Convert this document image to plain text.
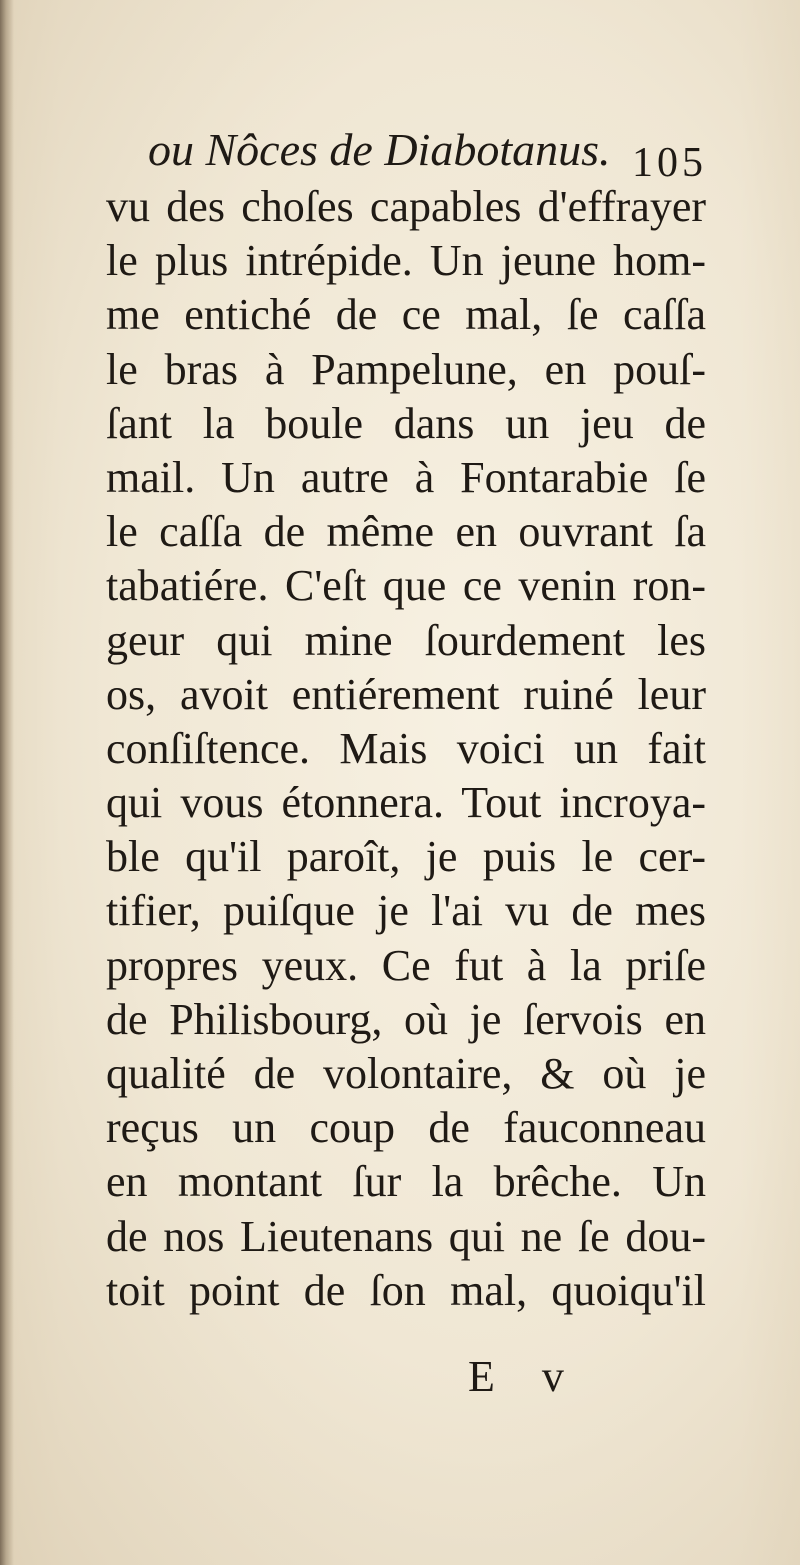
ou Nôces de Diabotanus. 105
vu des choſes capables d'effrayer
le plus intrépide. Un jeune hom-
me entiché de ce mal, ſe caſſa
le bras à Pampelune, en pouſ-
ſant la boule dans un jeu de
mail. Un autre à Fontarabie ſe
le caſſa de même en ouvrant ſa
tabatiére. C'eſt que ce venin ron-
geur qui mine ſourdement les
os, avoit entiérement ruiné leur
conſiſtence. Mais voici un fait
qui vous étonnera. Tout incroya-
ble qu'il paroît, je puis le cer-
tifier, puiſque je l'ai vu de mes
propres yeux. Ce fut à la priſe
de Philisbourg, où je ſervois en
qualité de volontaire, & où je
reçus un coup de fauconneau
en montant ſur la brêche. Un
de nos Lieutenans qui ne ſe dou-
toit point de ſon mal, quoiqu'il
E v
